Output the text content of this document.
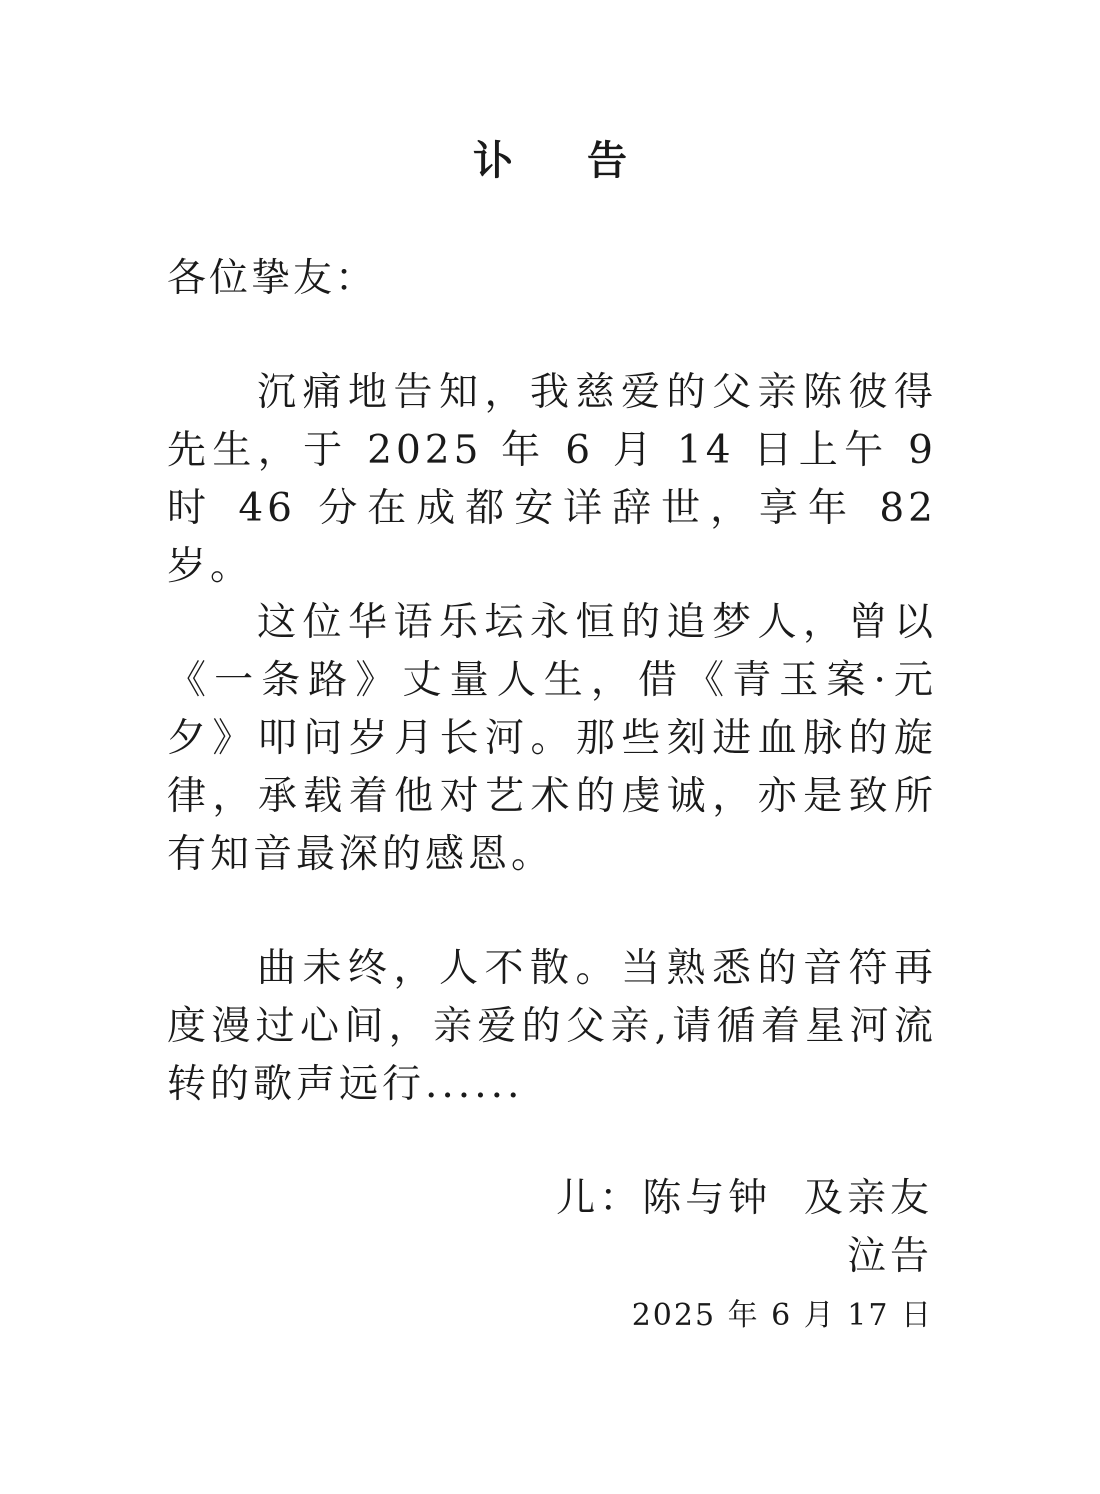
讣 告
各位挚友：
沉痛地告知，我慈爱的父亲陈彼得先生，于 2025 年 6 月 14 日上午 9 时 46 分在成都安详辞世，享年 82 岁。
这位华语乐坛永恒的追梦人，曾以《一条路》丈量人生，借《青玉案·元夕》叩问岁月长河。那些刻进血脉的旋律，承载着他对艺术的虔诚，亦是致所有知音最深的感恩。
曲未终，人不散。当熟悉的音符再度漫过心间，亲爱的父亲,请循着星河流转的歌声远行......
儿：陈与钟  及亲友
泣告
2025 年 6 月 17 日
